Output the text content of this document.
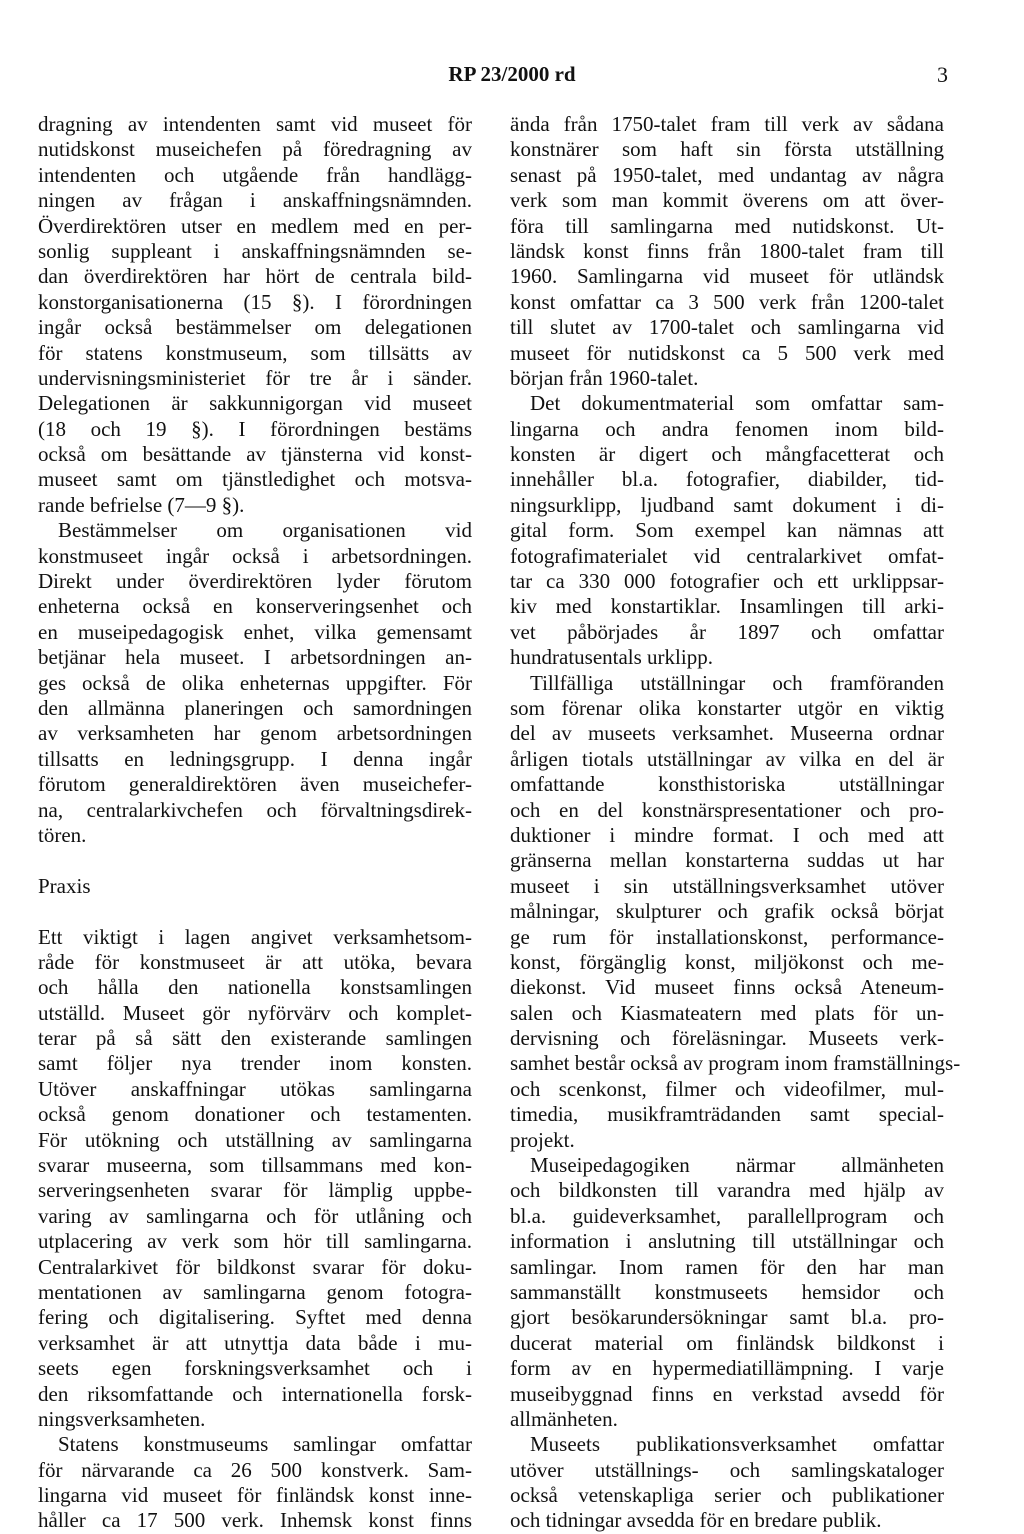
RP 23/2000 rd	3
dragning av intendenten samt vid museet för
nutidskonst museichefen på föredragning av
intendenten och utgående från handlägg-
ningen av frågan i anskaffningsnämnden.
Överdirektören utser en medlem med en per-
sonlig suppleant i anskaffningsnämnden se-
dan överdirektören har hört de centrala bild-
konstorganisationerna (15 §). I förordningen
ingår också bestämmelser om delegationen
för statens konstmuseum, som tillsätts av
undervisningsministeriet för tre år i sänder.
Delegationen är sakkunnigorgan vid museet
(18 och 19 §). I förordningen bestäms
också om besättande av tjänsterna vid konst-
museet samt om tjänstledighet och motsva-
rande befrielse (7—9 §).
Bestämmelser om organisationen vid
konstmuseet ingår också i arbetsordningen.
Direkt under överdirektören lyder förutom
enheterna också en konserveringsenhet och
en museipedagogisk enhet, vilka gemensamt
betjänar hela museet. I arbetsordningen an-
ges också de olika enheternas uppgifter. För
den allmänna planeringen och samordningen
av verksamheten har genom arbetsordningen
tillsatts en ledningsgrupp. I denna ingår
förutom generaldirektören även museichefer-
na, centralarkivchefen och förvaltningsdirek-
tören.
Praxis
Ett viktigt i lagen angivet verksamhetsom-
råde för konstmuseet är att utöka, bevara
och hålla den nationella konstsamlingen
utställd. Museet gör nyförvärv och komplet-
terar på så sätt den existerande samlingen
samt följer nya trender inom konsten.
Utöver anskaffningar utökas samlingarna
också genom donationer och testamenten.
För utökning och utställning av samlingarna
svarar museerna, som tillsammans med kon-
serveringsenheten svarar för lämplig uppbe-
varing av samlingarna och för utlåning och
utplacering av verk som hör till samlingarna.
Centralarkivet för bildkonst svarar för doku-
mentationen av samlingarna genom fotogra-
fering och digitalisering. Syftet med denna
verksamhet är att utnyttja data både i mu-
seets egen forskningsverksamhet och i
den riksomfattande och internationella forsk-
ningsverksamheten.
Statens konstmuseums samlingar omfattar
för närvarande ca 26 500 konstverk. Sam-
lingarna vid museet för finländsk konst inne-
håller ca 17 500 verk. Inhemsk konst finns
ända från 1750-talet fram till verk av sådana
konstnärer som haft sin första utställning
senast på 1950-talet, med undantag av några
verk som man kommit överens om att över-
föra till samlingarna med nutidskonst. Ut-
ländsk konst finns från 1800-talet fram till
1960. Samlingarna vid museet för utländsk
konst omfattar ca 3 500 verk från 1200-talet
till slutet av 1700-talet och samlingarna vid
museet för nutidskonst ca 5 500 verk med
början från 1960-talet.
Det dokumentmaterial som omfattar sam-
lingarna och andra fenomen inom bild-
konsten är digert och mångfacetterat och
innehåller bl.a. fotografier, diabilder, tid-
ningsurklipp, ljudband samt dokument i di-
gital form. Som exempel kan nämnas att
fotografimaterialet vid centralarkivet omfat-
tar ca 330 000 fotografier och ett urklippsar-
kiv med konstartiklar. Insamlingen till arki-
vet påbörjades år 1897 och omfattar
hundratusentals urklipp.
Tillfälliga utställningar och framföranden
som förenar olika konstarter utgör en viktig
del av museets verksamhet. Museerna ordnar
årligen tiotals utställningar av vilka en del är
omfattande konsthistoriska utställningar
och en del konstnärspresentationer och pro-
duktioner i mindre format. I och med att
gränserna mellan konstarterna suddas ut har
museet i sin utställningsverksamhet utöver
målningar, skulpturer och grafik också börjat
ge rum för installationskonst, performance-
konst, förgänglig konst, miljökonst och me-
diekonst. Vid museet finns också Ateneum-
salen och Kiasmateatern med plats för un-
dervisning och föreläsningar. Museets verk-
samhet består också av program inom framställnings-
och scenkonst, filmer och videofilmer, mul-
timedia, musikframträdanden samt special-
projekt.
Museipedagogiken närmar allmänheten
och bildkonsten till varandra med hjälp av
bl.a. guideverksamhet, parallellprogram och
information i anslutning till utställningar och
samlingar. Inom ramen för den har man
sammanställt konstmuseets hemsidor och
gjort besökarundersökningar samt bl.a. pro-
ducerat material om finländsk bildkonst i
form av en hypermediatillämpning. I varje
museibyggnad finns en verkstad avsedd för
allmänheten.
Museets publikationsverksamhet omfattar
utöver utställnings- och samlingskataloger
också vetenskapliga serier och publikationer
och tidningar avsedda för en bredare publik.
